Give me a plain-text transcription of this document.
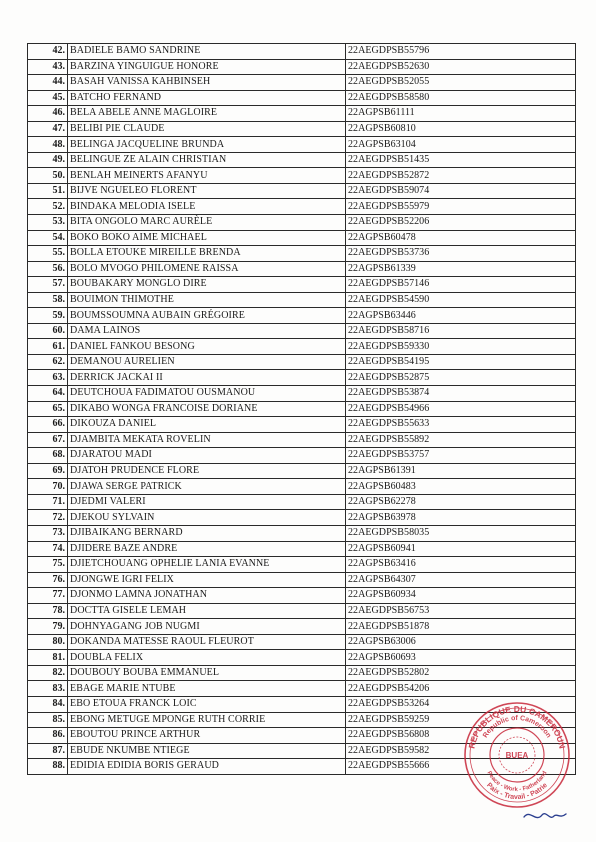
42.	BADIELE BAMO SANDRINE	22AEGDPSB55796
43.	BARZINA YINGUIGUE HONORE	22AEGDPSB52630
44.	BASAH VANISSA KAHBINSEH	22AEGDPSB52055
45.	BATCHO FERNAND	22AEGDPSB58580
46.	BELA ABELE ANNE MAGLOIRE	22AGPSB61111
47.	BELIBI PIE CLAUDE	22AGPSB60810
48.	BELINGA JACQUELINE BRUNDA	22AGPSB63104
49.	BELINGUE ZE ALAIN CHRISTIAN	22AEGDPSB51435
50.	BENLAH MEINERTS AFANYU	22AEGDPSB52872
51.	BIJVE NGUELEO FLORENT	22AEGDPSB59074
52.	BINDAKA MELODIA ISELE	22AEGDPSB55979
53.	BITA ONGOLO MARC AURÈLE	22AEGDPSB52206
54.	BOKO BOKO AIME MICHAEL	22AGPSB60478
55.	BOLLA ETOUKE MIREILLE BRENDA	22AEGDPSB53736
56.	BOLO MVOGO PHILOMENE RAISSA	22AGPSB61339
57.	BOUBAKARY MONGLO DIRE	22AEGDPSB57146
58.	BOUIMON THIMOTHE	22AEGDPSB54590
59.	BOUMSSOUMNA AUBAIN GRÉGOIRE	22AGPSB63446
60.	DAMA LAINOS	22AEGDPSB58716
61.	DANIEL FANKOU BESONG	22AEGDPSB59330
62.	DEMANOU AURELIEN	22AEGDPSB54195
63.	DERRICK JACKAI II	22AEGDPSB52875
64.	DEUTCHOUA FADIMATOU OUSMANOU	22AEGDPSB53874
65.	DIKABO WONGA FRANCOISE DORIANE	22AEGDPSB54966
66.	DIKOUZA DANIEL	22AEGDPSB55633
67.	DJAMBITA MEKATA ROVELIN	22AEGDPSB55892
68.	DJARATOU MADI	22AEGDPSB53757
69.	DJATOH PRUDENCE FLORE	22AGPSB61391
70.	DJAWA SERGE PATRICK	22AGPSB60483
71.	DJEDMI VALERI	22AGPSB62278
72.	DJEKOU SYLVAIN	22AGPSB63978
73.	DJIBAIKANG BERNARD	22AEGDPSB58035
74.	DJIDERE BAZE ANDRE	22AGPSB60941
75.	DJIETCHOUANG OPHELIE LANIA EVANNE	22AGPSB63416
76.	DJONGWE IGRI FELIX	22AGPSB64307
77.	DJONMO LAMNA JONATHAN	22AGPSB60934
78.	DOCTTA GISELE LEMAH	22AEGDPSB56753
79.	DOHNYAGANG JOB NUGMI	22AEGDPSB51878
80.	DOKANDA MATESSE RAOUL FLEUROT	22AGPSB63006
81.	DOUBLA FELIX	22AGPSB60693
82.	DOUBOUY BOUBA EMMANUEL	22AEGDPSB52802
83.	EBAGE MARIE NTUBE	22AEGDPSB54206
84.	EBO ETOUA FRANCK LOIC	22AEGDPSB53264
85.	EBONG METUGE MPONGE RUTH CORRIE	22AEGDPSB59259
86.	EBOUTOU PRINCE ARTHUR	22AEGDPSB56808
87.	EBUDE NKUMBE NTIEGE	22AEGDPSB59582
88.	EDIDIA EDIDIA BORIS GERAUD	22AEGDPSB55666
REPUBLIQUE DU CAMEROUN
Republic of Cameroon
Paix - Travail - Patrie
Peace - Work - Fatherland
BUEA
